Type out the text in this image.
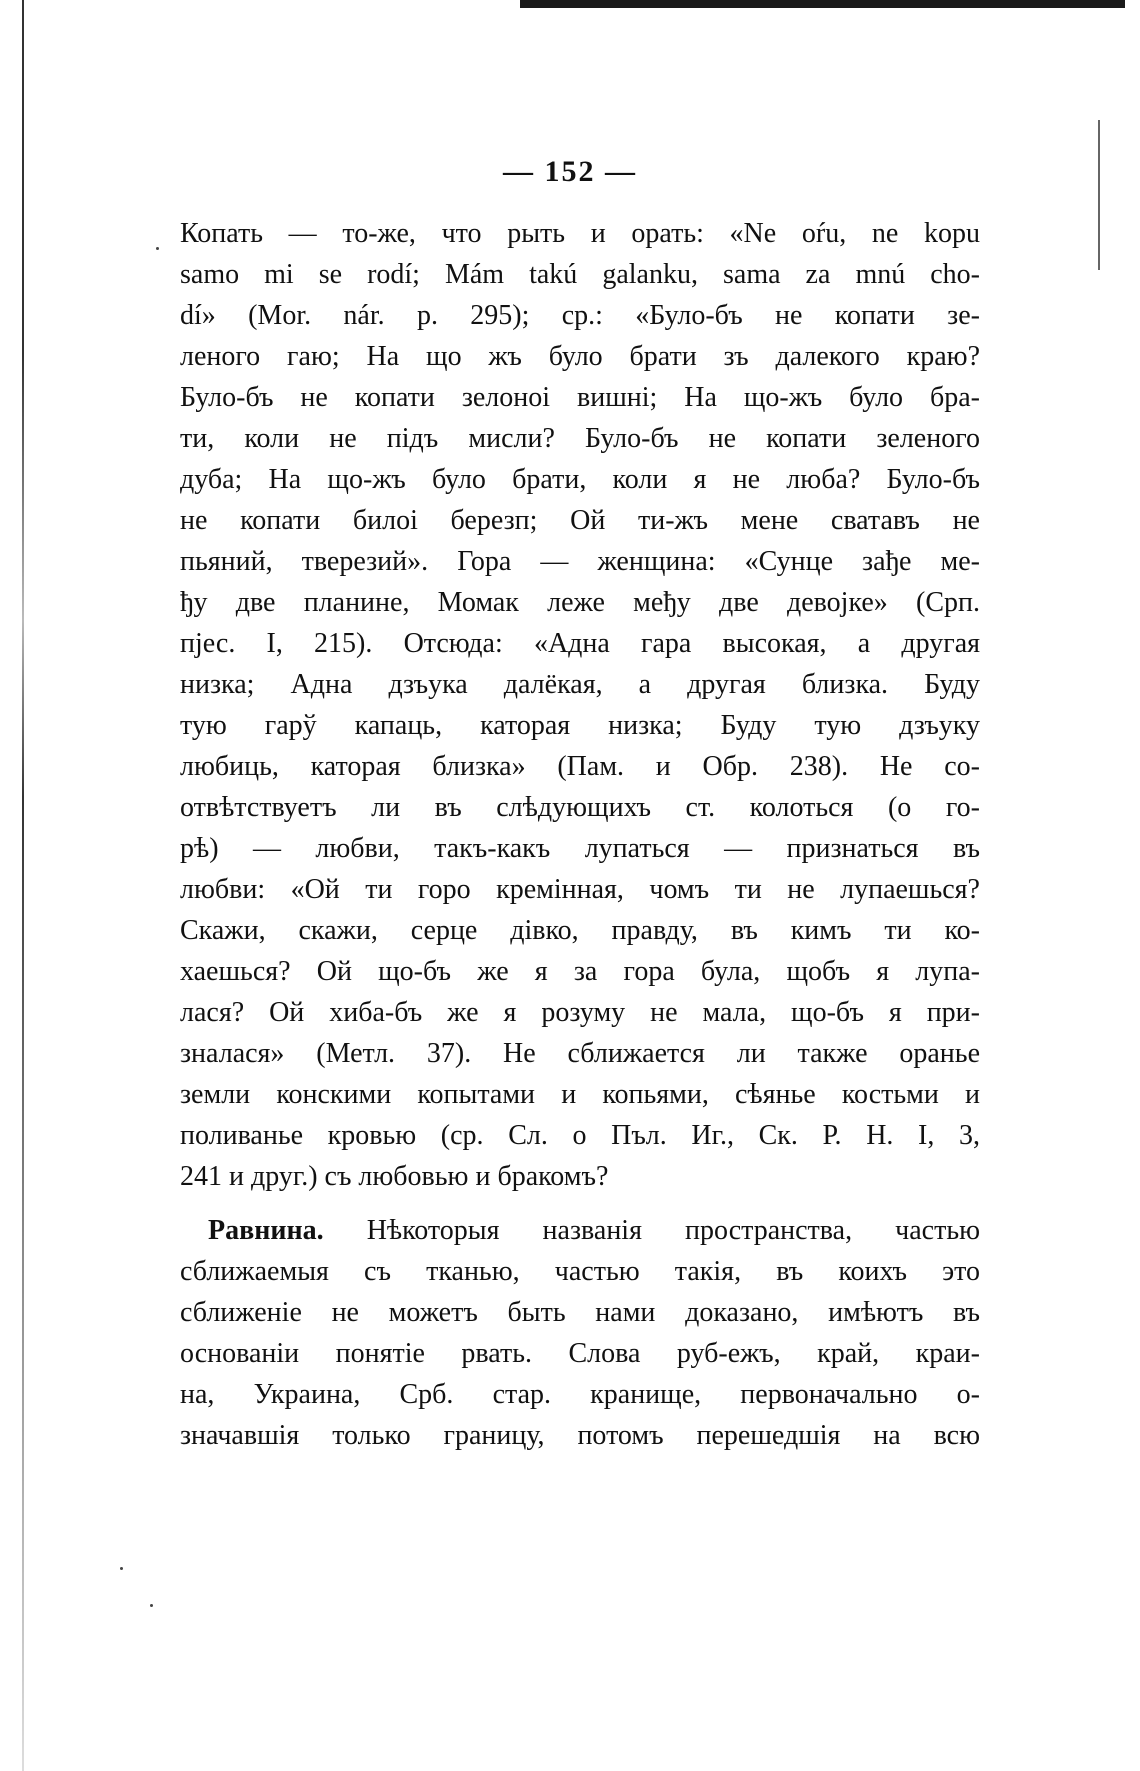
— 152 —
Копать — то-же, что рыть и орать: «Ne oŕu, ne kopu
samo mi se rodí; Mám takú galanku, sama za mnú cho-
dí» (Mor. nár. p. 295); ср.: «Було-бъ не копати зе-
леного гаю; На що жъ було брати зъ далекого краю?
Було-бъ не копати зелоноі вишні; На що-жъ було бра-
ти, коли не підъ мисли? Було-бъ не копати зеленого
дуба; На що-жъ було брати, коли я не люба? Було-бъ
не копати билоі березп; Ой ти-жъ мене сватавъ не
пьяний, тверезий». Гора — женщина: «Сунце зађе ме-
ђу две планине, Момак леже међу две девојке» (Срп.
пјес. I, 215). Отсюда: «Адна гара высокая, а другая
низка; Адна дзъука далёкая, а другая близка. Буду
тую гарў капаць, каторая низка; Буду тую дзъуку
любиць, каторая близка» (Пам. и Обр. 238). Не со-
отвѣтствуетъ ли въ слѣдующихъ ст. колоться (о го-
рѣ) — любви, такъ-какъ лупаться — признаться въ
любви: «Ой ти горо кремінная, чомъ ти не лупаешься?
Скажи, скажи, серце дівко, правду, въ кимъ ти ко-
хаешься? Ой що-бъ же я за гора була, щобъ я лупа-
лася? Ой хиба-бъ же я розуму не мала, що-бъ я при-
зналася» (Метл. 37). Не сближается ли также оранье
земли конскими копытами и копьями, сѣянье костьми и
поливанье кровью (ср. Сл. о Пъл. Иг., Ск. Р. Н. I, 3,
241 и друг.) съ любовью и бракомъ?
Равнина. Нѣкоторыя названія пространства, частью
сближаемыя съ тканью, частью такія, въ коихъ это
сближеніе не можетъ быть нами доказано, имѣютъ въ
основаніи понятіе рвать. Слова руб-ежъ, край, краи-
на, Украина, Срб. стар. кранище, первоначально о-
значавшія только границу, потомъ перешедшія на всю
